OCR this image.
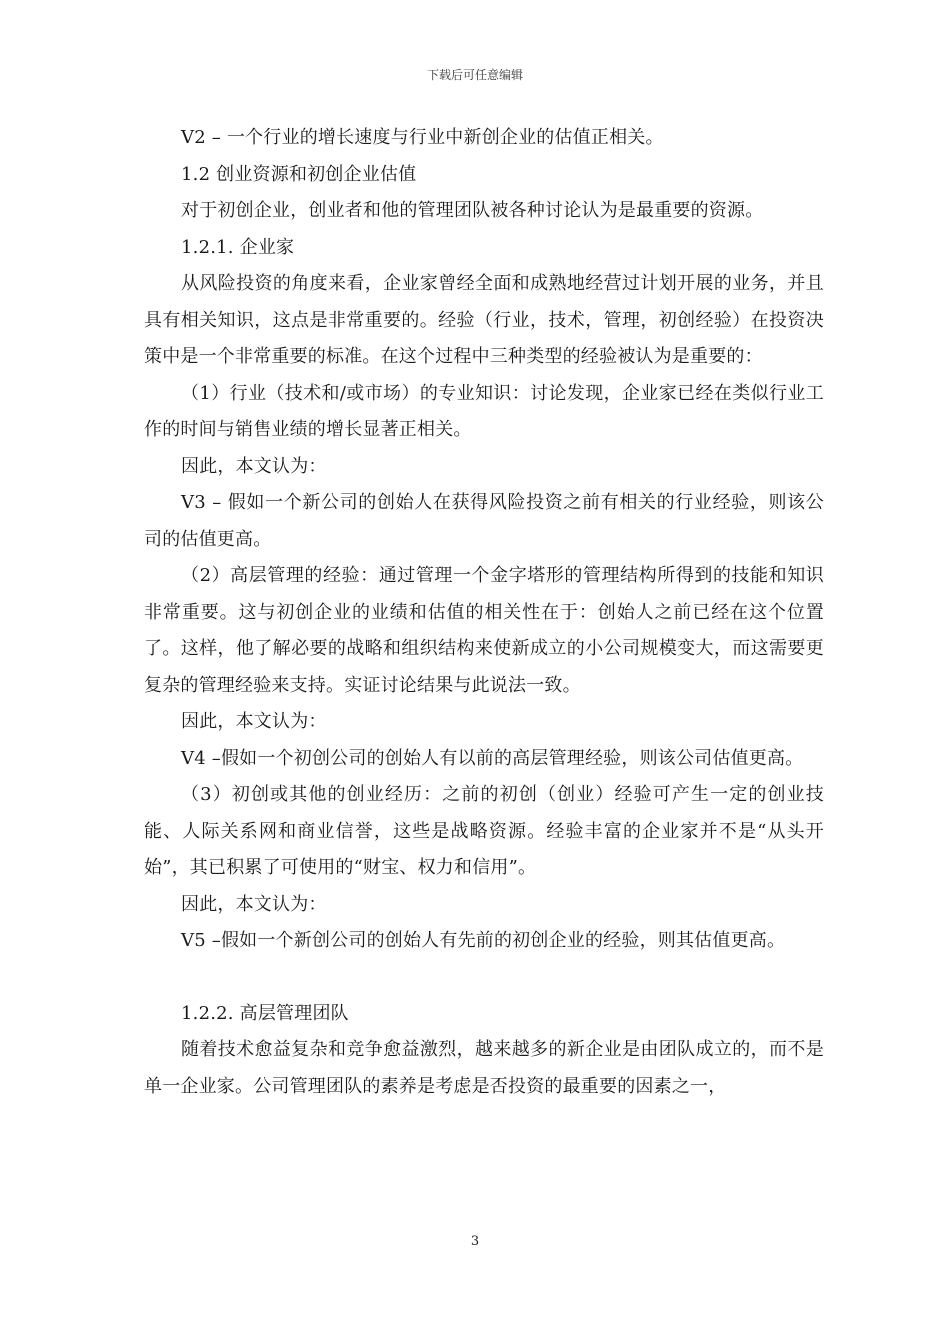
下载后可任意编辑

V2 – 一个行业的增长速度与行业中新创企业的估值正相关。

1.2 创业资源和初创企业估值

对于初创企业，创业者和他的管理团队被各种讨论认为是最重要的资源。

1.2.1. 企业家

从风险投资的角度来看，企业家曾经全面和成熟地经营过计划开展的业务，并且具有相关知识，这点是非常重要的。经验（行业，技术，管理，初创经验）在投资决策中是一个非常重要的标准。在这个过程中三种类型的经验被认为是重要的：

（1）行业（技术和/或市场）的专业知识：讨论发现，企业家已经在类似行业工作的时间与销售业绩的增长显著正相关。

因此，本文认为：

V3 – 假如一个新公司的创始人在获得风险投资之前有相关的行业经验，则该公司的估值更高。

（2）高层管理的经验：通过管理一个金字塔形的管理结构所得到的技能和知识非常重要。这与初创企业的业绩和估值的相关性在于：创始人之前已经在这个位置了。这样，他了解必要的战略和组织结构来使新成立的小公司规模变大，而这需要更复杂的管理经验来支持。实证讨论结果与此说法一致。

因此，本文认为：

V4 –假如一个初创公司的创始人有以前的高层管理经验，则该公司估值更高。

（3）初创或其他的创业经历：之前的初创（创业）经验可产生一定的创业技能、人际关系网和商业信誉，这些是战略资源。经验丰富的企业家并不是“从头开始”，其已积累了可使用的“财宝、权力和信用”。

因此，本文认为：

V5 –假如一个新创公司的创始人有先前的初创企业的经验，则其估值更高。

1.2.2. 高层管理团队

随着技术愈益复杂和竞争愈益激烈，越来越多的新企业是由团队成立的，而不是单一企业家。公司管理团队的素养是考虑是否投资的最重要的因素之一，

3
